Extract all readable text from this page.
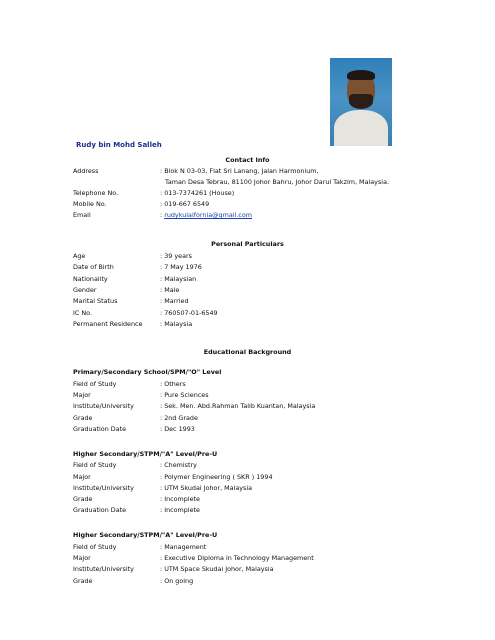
Rudy bin Mohd Salleh
Contact Info
Address	: Blok N 03-03, Flat Sri Lanang, Jalan Harmonium,
Taman Desa Tebrau, 81100 Johor Bahru, Johor Darul Takzim, Malaysia.
Telephone No.	: 013-7374261 (House)
Mobile No.	: 019-667 6549
Email	: rudykulaifornia@gmail.com
Personal Particulars
Age	: 39 years
Date of Birth	: 7 May 1976
Nationality	: Malaysian
Gender	: Male
Marital Status	: Married
IC No.	: 760507-01-6549
Permanent Residence	: Malaysia
Educational Background
Primary/Secondary School/SPM/"O" Level
Field of Study	: Others
Major	: Pure Sciences
Institute/University	: Sek. Men. Abd.Rahman Talib Kuantan, Malaysia
Grade	: 2nd Grade
Graduation Date	: Dec 1993
Higher Secondary/STPM/"A" Level/Pre-U
Field of Study	: Chemistry
Major	: Polymer Engineering ( SKR ) 1994
Institute/University	: UTM Skudai Johor, Malaysia
Grade	: Incomplete
Graduation Date	: Incomplete
Higher Secondary/STPM/"A" Level/Pre-U
Field of Study	: Management
Major	: Executive Diploma in Technology Management
Institute/University	: UTM Space Skudai Johor, Malaysia
Grade	: On going
